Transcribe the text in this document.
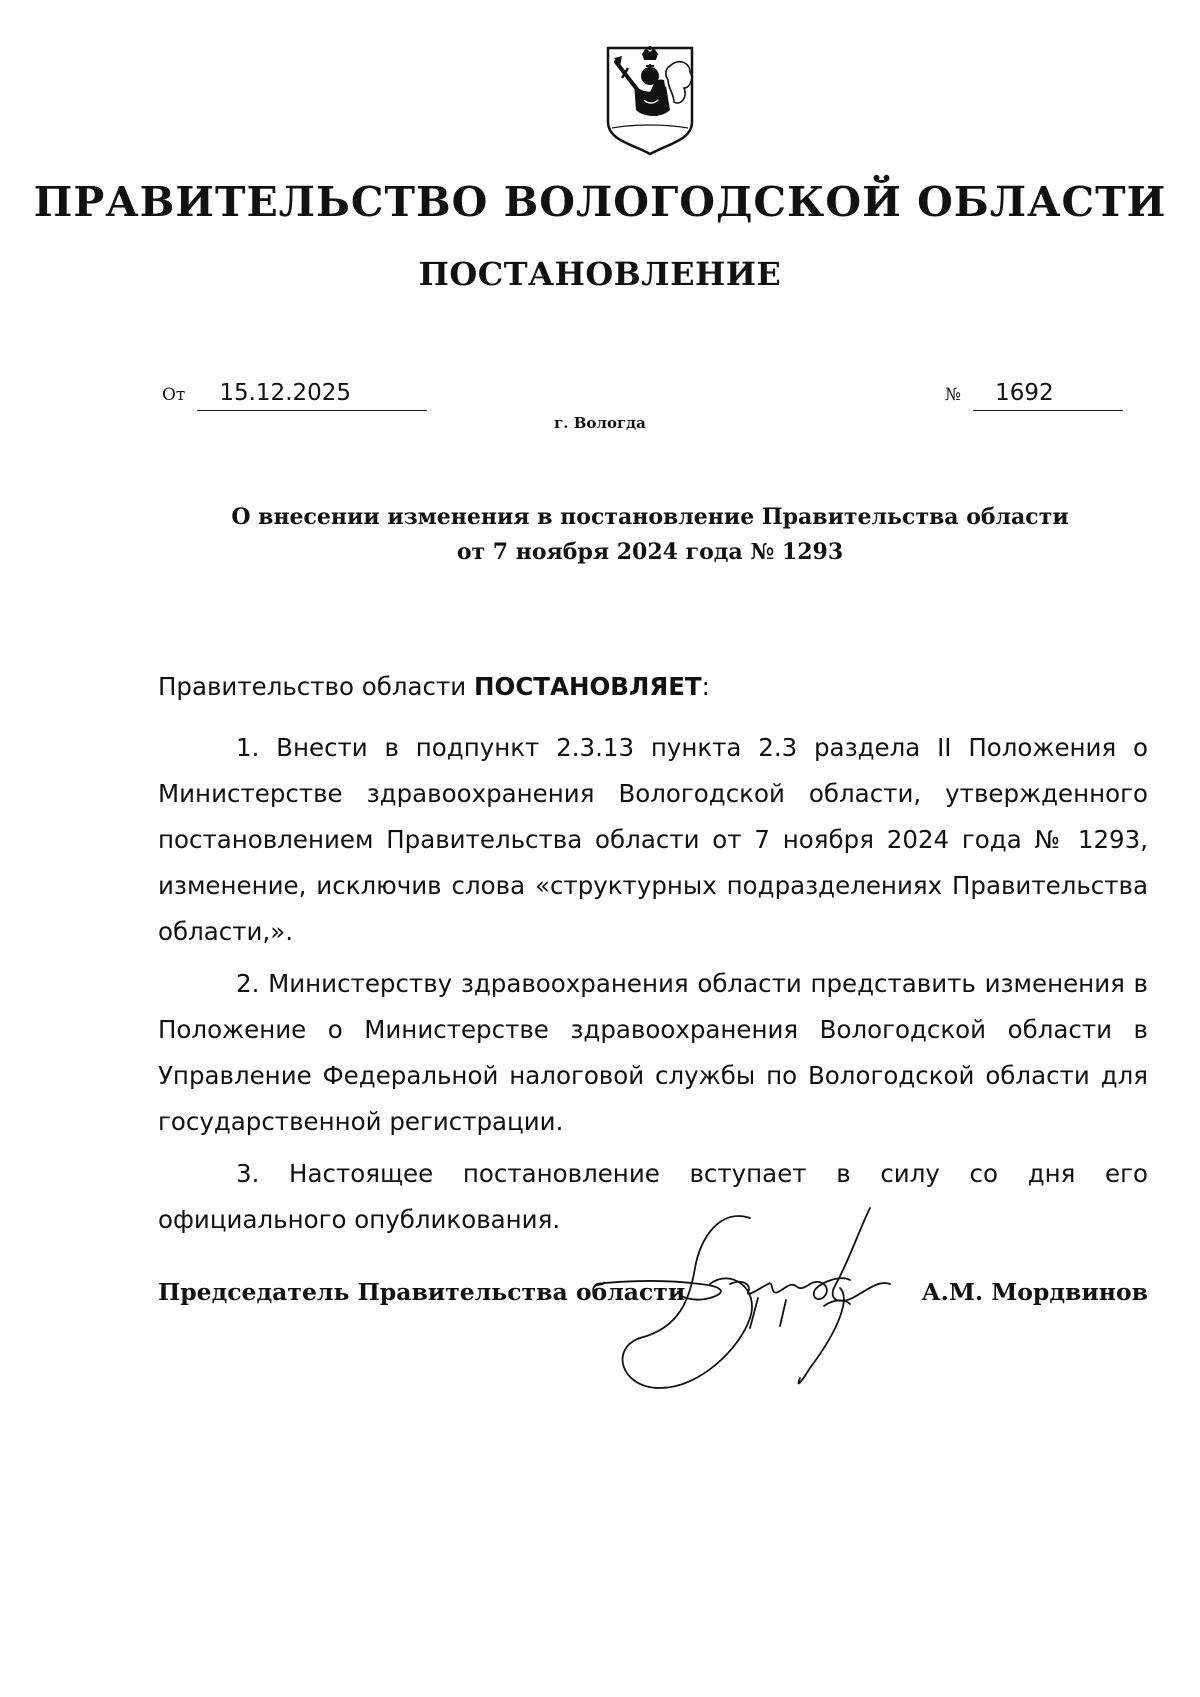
ПРАВИТЕЛЬСТВО ВОЛОГОДСКОЙ ОБЛАСТИ
ПОСТАНОВЛЕНИЕ
От 15.12.2025	№ 1692

г. Вологда

О внесении изменения в постановление Правительства области
от 7 ноября 2024 года № 1293

Правительство области ПОСТАНОВЛЯЕТ:

1. Внести в подпункт 2.3.13 пункта 2.3 раздела II Положения о Министерстве здравоохранения Вологодской области, утвержденного постановлением Правительства области от 7 ноября 2024 года № 1293, изменение, исключив слова «структурных подразделениях Правительства области,».

2. Министерству здравоохранения области представить изменения в Положение о Министерстве здравоохранения Вологодской области в Управление Федеральной налоговой службы по Вологодской области для государственной регистрации.

3. Настоящее постановление вступает в силу со дня его официального опубликования.

Председатель Правительства области	А.М. Мордвинов
